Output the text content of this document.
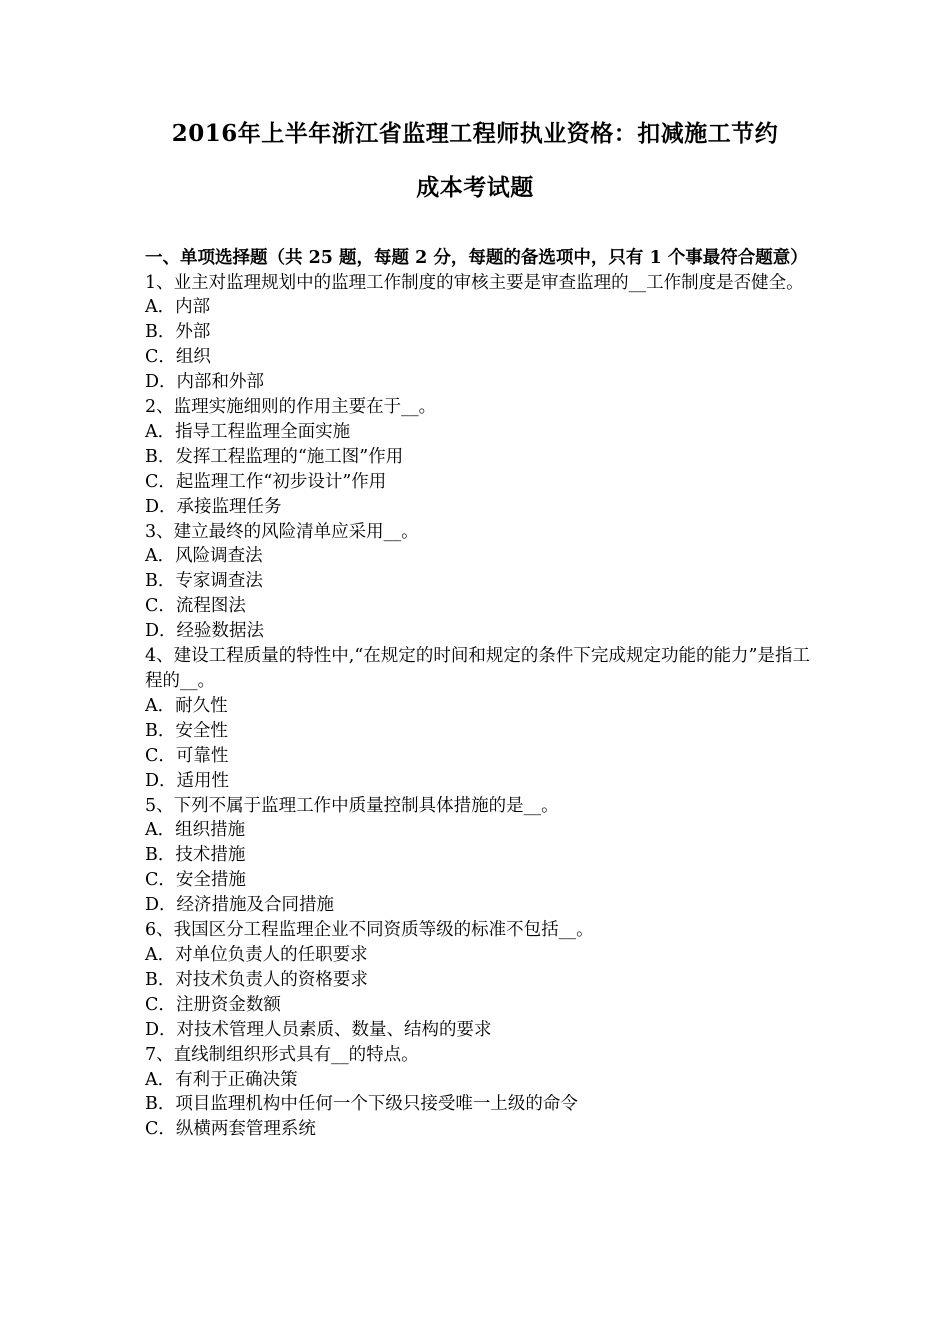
2016年上半年浙江省监理工程师执业资格：扣减施工节约
成本考试题
一、单项选择题（共 25 题，每题 2 分，每题的备选项中，只有 1 个事最符合题意）
1、业主对监理规划中的监理工作制度的审核主要是审查监理的__工作制度是否健全。
A．内部
B．外部
C．组织
D．内部和外部
2、监理实施细则的作用主要在于__。
A．指导工程监理全面实施
B．发挥工程监理的“施工图”作用
C．起监理工作“初步设计”作用
D．承接监理任务
3、建立最终的风险清单应采用__。
A．风险调查法
B．专家调查法
C．流程图法
D．经验数据法
4、建设工程质量的特性中,“在规定的时间和规定的条件下完成规定功能的能力”是指工程的__。
A．耐久性
B．安全性
C．可靠性
D．适用性
5、下列不属于监理工作中质量控制具体措施的是__。
A．组织措施
B．技术措施
C．安全措施
D．经济措施及合同措施
6、我国区分工程监理企业不同资质等级的标准不包括__。
A．对单位负责人的任职要求
B．对技术负责人的资格要求
C．注册资金数额
D．对技术管理人员素质、数量、结构的要求
7、直线制组织形式具有__的特点。
A．有利于正确决策
B．项目监理机构中任何一个下级只接受唯一上级的命令
C．纵横两套管理系统
